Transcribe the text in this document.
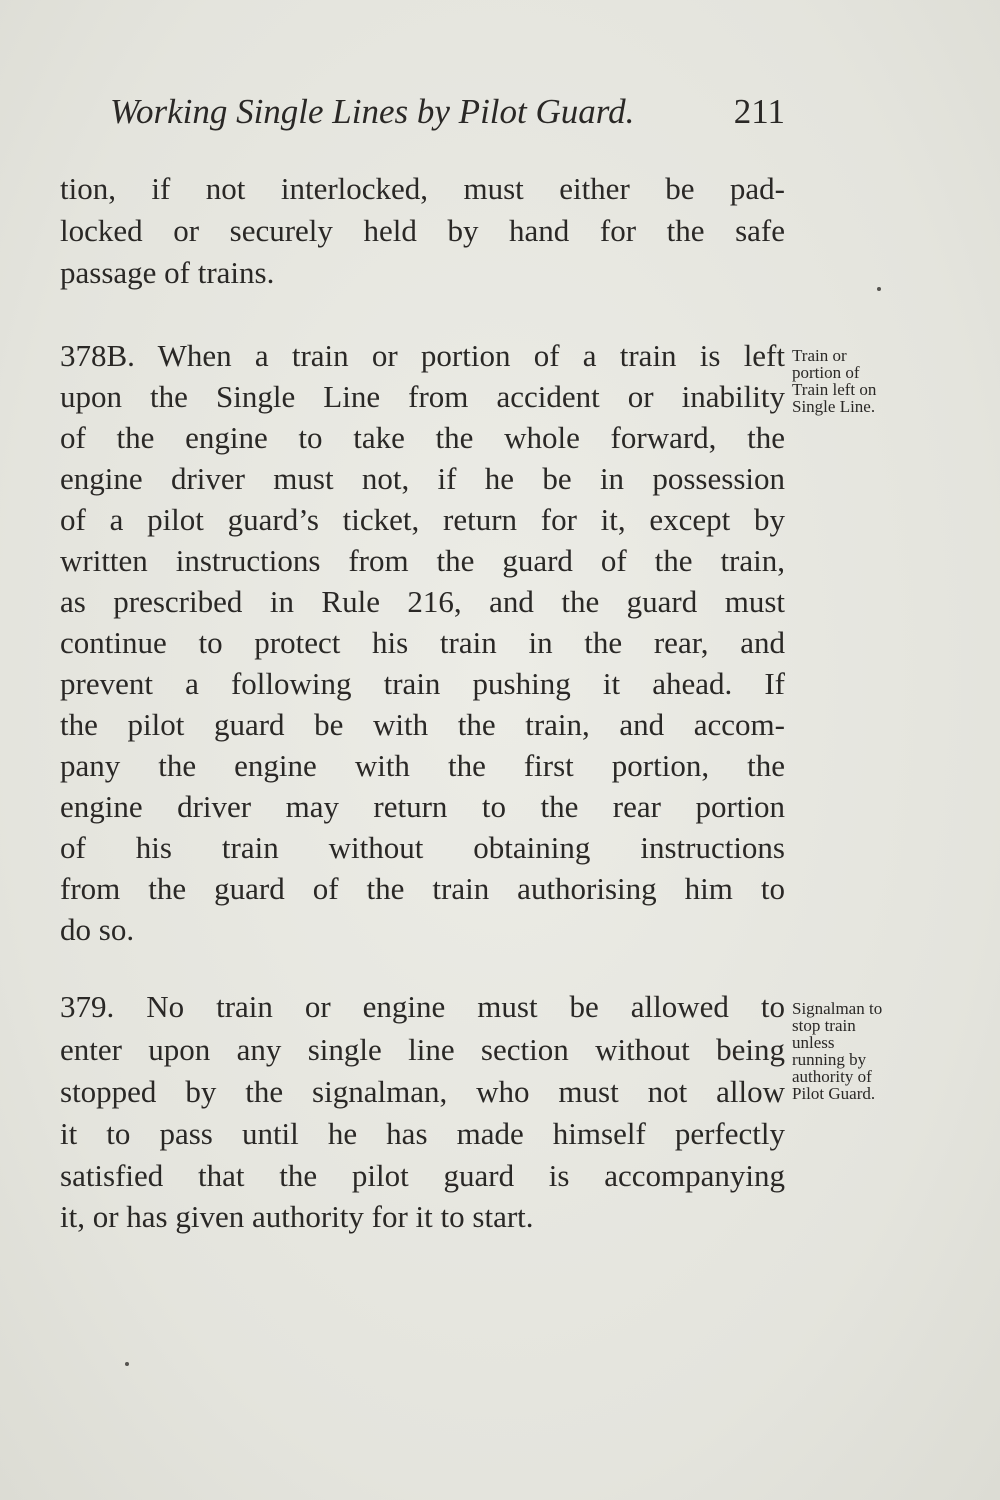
Working Single Lines by Pilot Guard.	211
tion, if not interlocked, must either be pad-
locked or securely held by hand for the safe
passage of trains.
378B. When a train or portion of a train is left
upon the Single Line from accident or inability
of the engine to take the whole forward, the
engine driver must not, if he be in possession
of a pilot guard’s ticket, return for it, except by
written instructions from the guard of the train,
as prescribed in Rule 216, and the guard must
continue to protect his train in the rear, and
prevent a following train pushing it ahead. If
the pilot guard be with the train, and accom-
pany the engine with the first portion, the
engine driver may return to the rear portion
of his train without obtaining instructions
from the guard of the train authorising him to
do so.
Train or
portion of
Train left on
Single Line.
379. No train or engine must be allowed to
enter upon any single line section without being
stopped by the signalman, who must not allow
it to pass until he has made himself perfectly
satisfied that the pilot guard is accompanying
it, or has given authority for it to start.
Signalman to
stop train
unless
running by
authority of
Pilot Guard.
